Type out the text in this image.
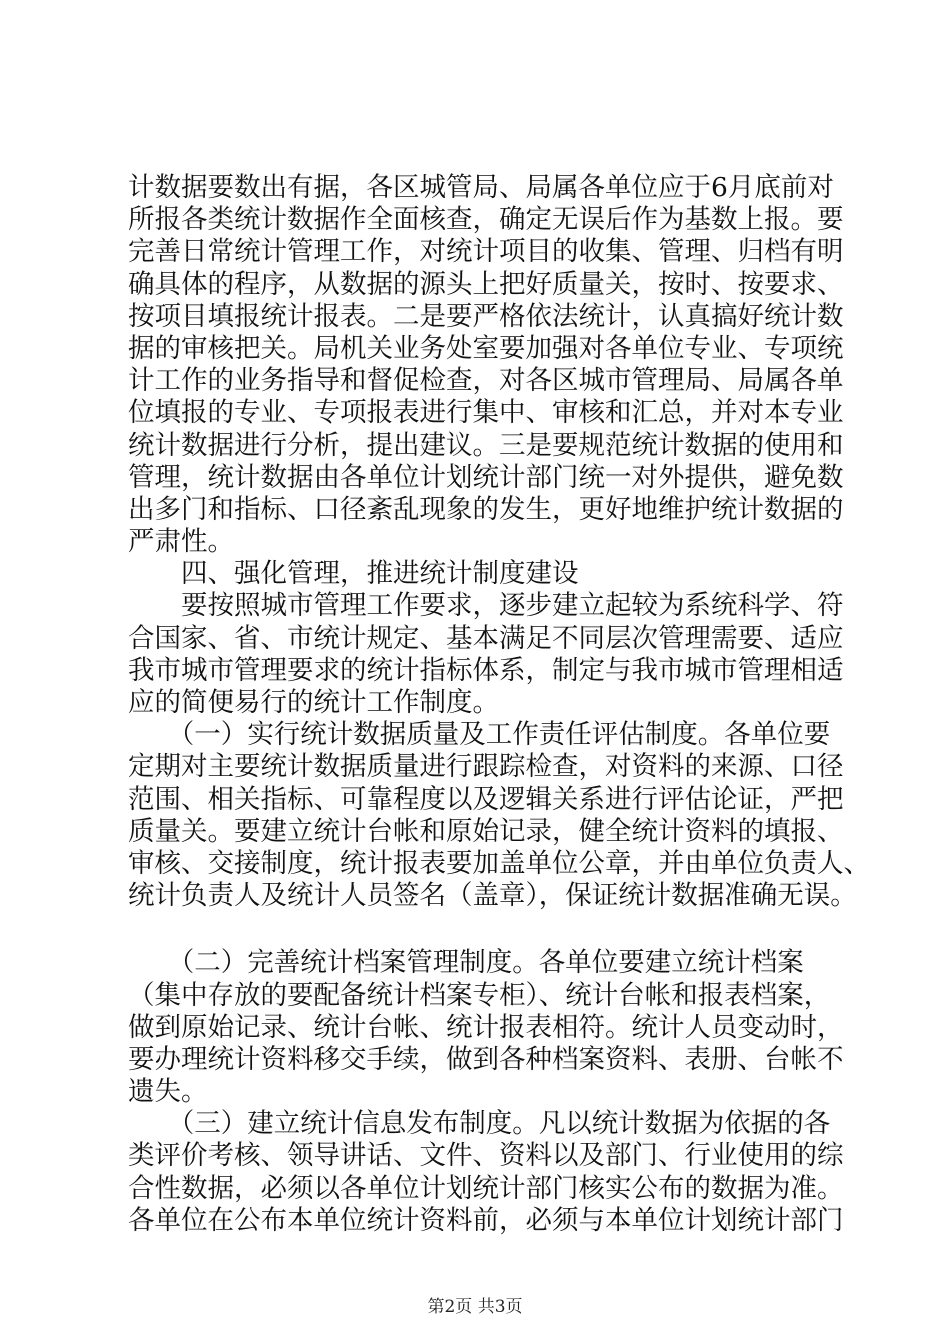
计数据要数出有据，各区城管局、局属各单位应于6月底前对
所报各类统计数据作全面核查，确定无误后作为基数上报。要
完善日常统计管理工作，对统计项目的收集、管理、归档有明
确具体的程序，从数据的源头上把好质量关，按时、按要求、
按项目填报统计报表。二是要严格依法统计，认真搞好统计数
据的审核把关。局机关业务处室要加强对各单位专业、专项统
计工作的业务指导和督促检查，对各区城市管理局、局属各单
位填报的专业、专项报表进行集中、审核和汇总，并对本专业
统计数据进行分析，提出建议。三是要规范统计数据的使用和
管理，统计数据由各单位计划统计部门统一对外提供，避免数
出多门和指标、口径紊乱现象的发生，更好地维护统计数据的
严肃性。
　　四、强化管理，推进统计制度建设
　　要按照城市管理工作要求，逐步建立起较为系统科学、符
合国家、省、市统计规定、基本满足不同层次管理需要、适应
我市城市管理要求的统计指标体系，制定与我市城市管理相适
应的简便易行的统计工作制度。
　　（一）实行统计数据质量及工作责任评估制度。各单位要
定期对主要统计数据质量进行跟踪检查，对资料的来源、口径
范围、相关指标、可靠程度以及逻辑关系进行评估论证，严把
质量关。要建立统计台帐和原始记录，健全统计资料的填报、
审核、交接制度，统计报表要加盖单位公章，并由单位负责人、
统计负责人及统计人员签名（盖章），保证统计数据准确无误。
　　（二）完善统计档案管理制度。各单位要建立统计档案
（集中存放的要配备统计档案专柜）、统计台帐和报表档案，
做到原始记录、统计台帐、统计报表相符。统计人员变动时，
要办理统计资料移交手续，做到各种档案资料、表册、台帐不
遗失。
　　（三）建立统计信息发布制度。凡以统计数据为依据的各
类评价考核、领导讲话、文件、资料以及部门、行业使用的综
合性数据，必须以各单位计划统计部门核实公布的数据为准。
各单位在公布本单位统计资料前，必须与本单位计划统计部门
第2页 共3页
